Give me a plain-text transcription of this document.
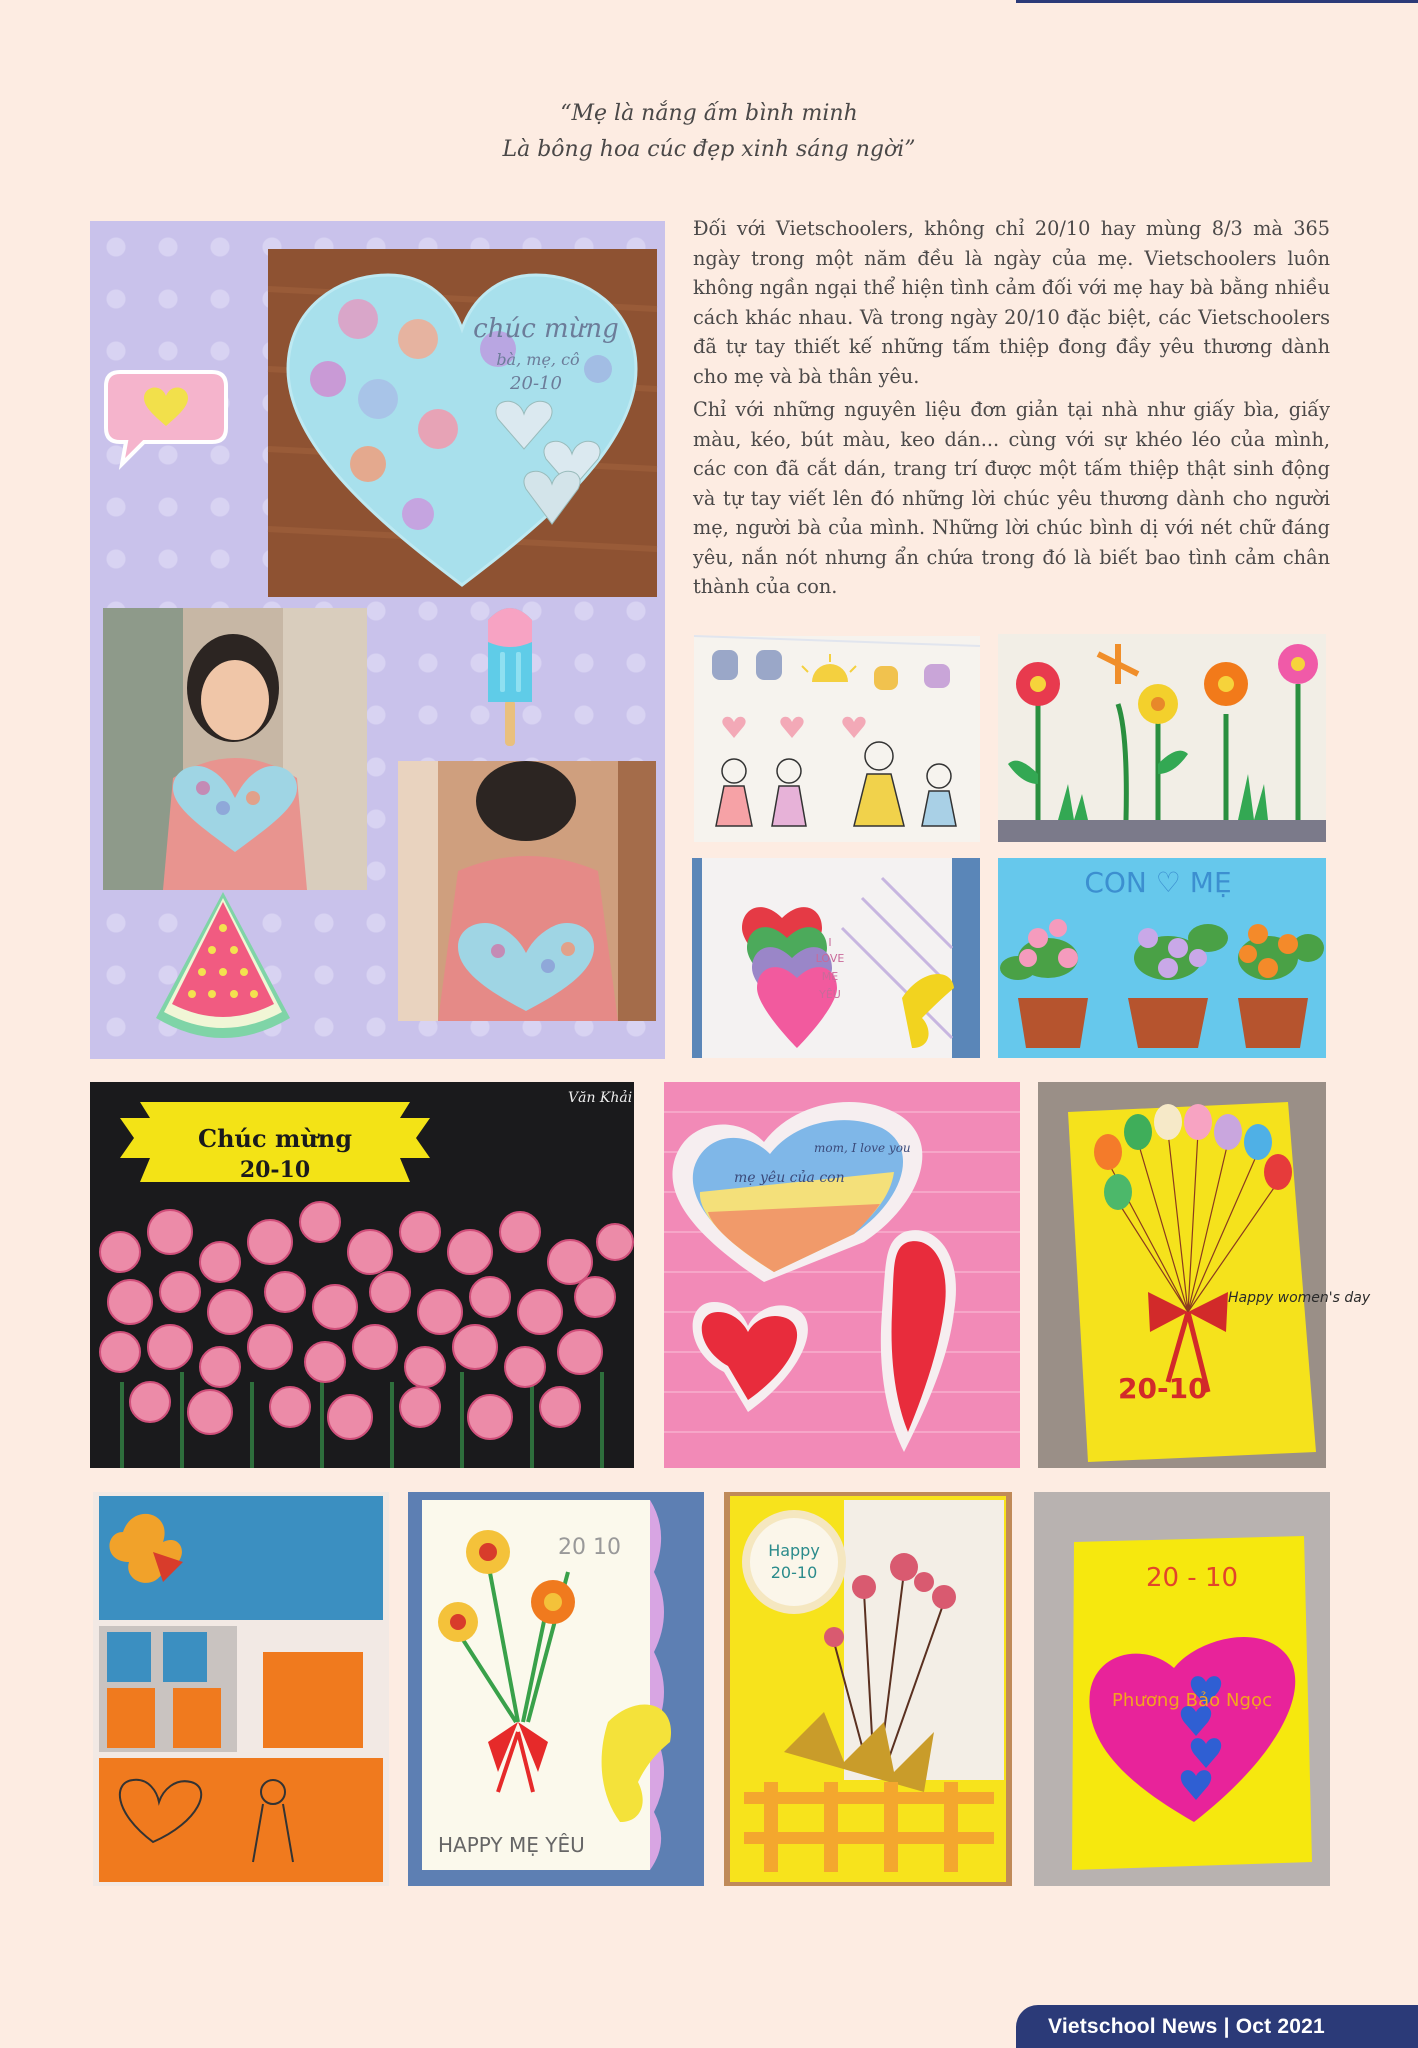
“Mẹ là nắng ấm bình minh
Là bông hoa cúc đẹp xinh sáng ngời”
chúc mừng
bà, mẹ, cô
20-10

Đối với Vietschoolers, không chỉ 20/10 hay mùng 8/3 mà 365 ngày trong một năm đều là ngày của mẹ. Vietschoolers luôn không ngần ngại thể hiện tình cảm đối với mẹ hay bà bằng nhiều cách khác nhau. Và trong ngày 20/10 đặc biệt, các Vietschoolers đã tự tay thiết kế những tấm thiệp đong đầy yêu thương dành cho mẹ và bà thân yêu.

Chỉ với những nguyên liệu đơn giản tại nhà như giấy bìa, giấy màu, kéo, bút màu, keo dán... cùng với sự khéo léo của mình, các con đã cắt dán, trang trí được một tấm thiệp thật sinh động và tự tay viết lên đó những lời chúc yêu thương dành cho người mẹ, người bà của mình. Những lời chúc bình dị với nét chữ đáng yêu, nắn nót nhưng ẩn chứa trong đó là biết bao tình cảm chân thành của con.

I
LOVE
MẸ
YÊU
CON ♡ MẸ
Chúc mừng
20-10
Văn Khải
mẹ yêu của con
mom, I love you
Happy women's day
20-10
20 10
HAPPY MẸ YÊU
Happy
20-10	20 - 10
Phương Bảo Ngọc
Vietschool News | Oct 2021
